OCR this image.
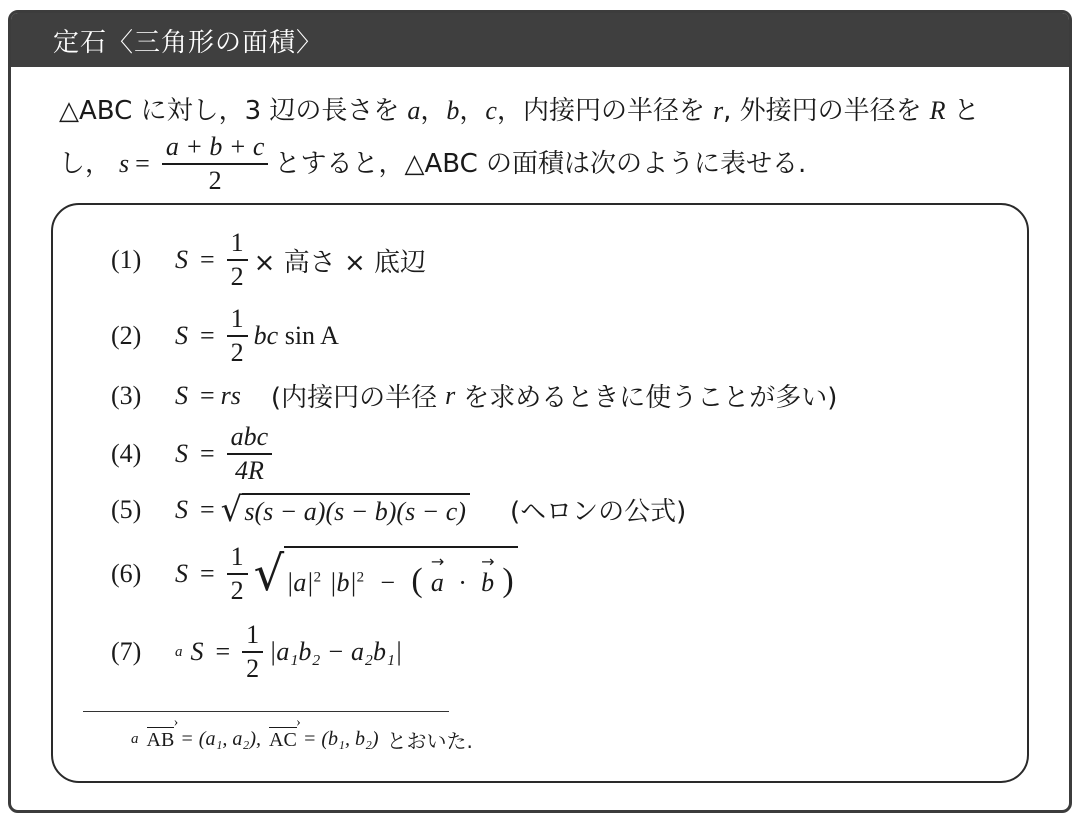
定石〈三角形の面積〉
△ABC に対し，3 辺の長さを a ， b ， c ，内接円の半径を r , 外接円の半径を R と
し， $s = \frac{a + b + c}{2}$ とすると，△ABC の面積は次のように表せる.
(1)	$S = \frac{1}{2}$ × 高さ × 底辺
(2)	$S = \frac{1}{2}$ bc sin A
(3)	S = rs (内接円の半径 r を求めるときに使うことが多い)
(4)	$S = \frac{\text{abc}}{4R}$
(5)	S = √ s(s − a)(s − b)(s − c) (ヘロンの公式)
(6)	$S = \frac{1}{2}$ √ $|a|^2$ $|b|^2$ − ( → a · → b )
(7)	a $S = \frac{1}{2} |a_1b_2 - a_2b_1|$
a AB › = (a₁, a₂), AC › = (b₁, b₂) とおいた.
